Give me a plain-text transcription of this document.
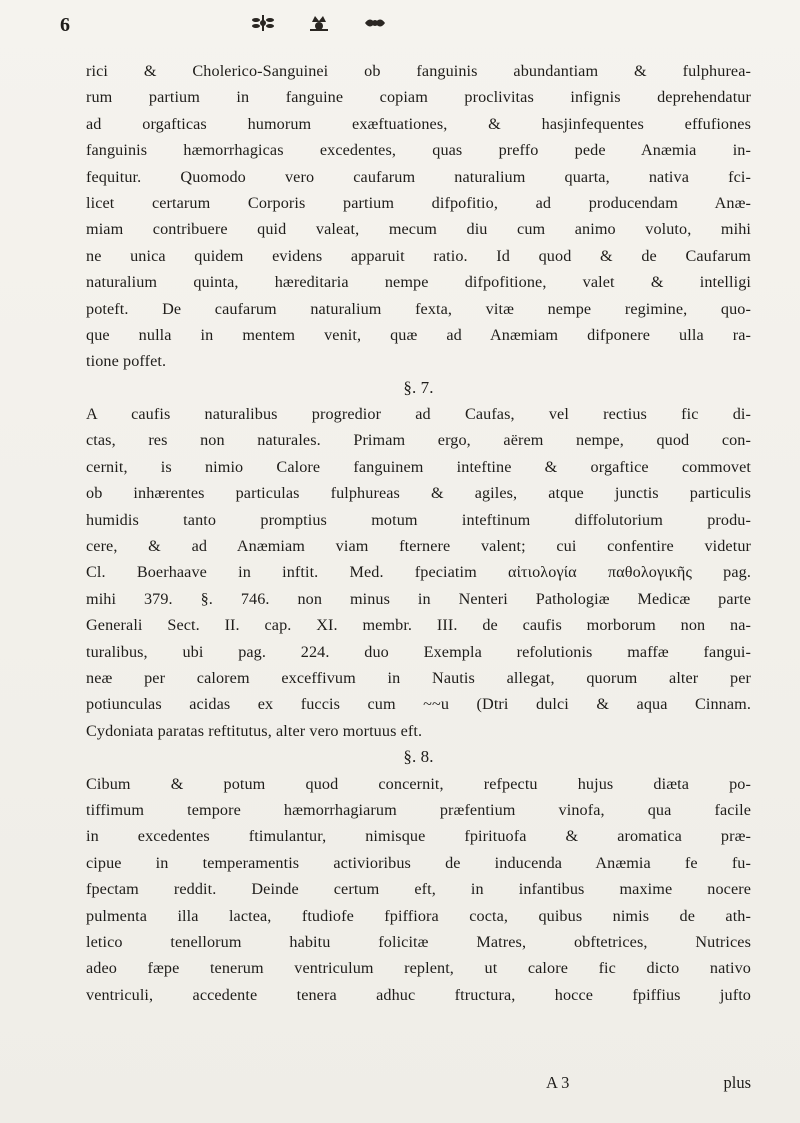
6
rici & Cholerico-Sanguinei ob fanguinis abundantiam & fulphurea-
rum partium in fanguine copiam proclivitas infignis deprehendatur
ad orgafticas humorum exæftuationes, & hasjinfequentes effufiones
fanguinis hæmorrhagicas excedentes, quas preffo pede Anæmia in-
fequitur. Quomodo vero caufarum naturalium quarta, nativa fci-
licet certarum Corporis partium difpofitio, ad producendam Anæ-
miam contribuere quid valeat, mecum diu cum animo voluto, mihi
ne unica quidem evidens apparuit ratio. Id quod & de Caufarum
naturalium quinta, hæreditaria nempe difpofitione, valet & intelligi
poteft. De caufarum naturalium fexta, vitæ nempe regimine, quo-
que nulla in mentem venit, quæ ad Anæmiam difponere ulla ra-
tione poffet.
§. 7.
A caufis naturalibus progredior ad Caufas, vel rectius fic di-
ctas, res non naturales. Primam ergo, aërem nempe, quod con-
cernit, is nimio Calore fanguinem inteftine & orgaftice commovet
ob inhærentes particulas fulphureas & agiles, atque junctis particulis
humidis tanto promptius motum inteftinum diffolutorium produ-
cere, & ad Anæmiam viam fternere valent; cui confentire videtur
Cl. Boerhaave in inftit. Med. fpeciatim αἰτιολογία παθολογικῆς pag.
mihi 379. §. 746. non minus in Nenteri Pathologiæ Medicæ parte
Generali Sect. II. cap. XI. membr. III. de caufis morborum non na-
turalibus, ubi pag. 224. duo Exempla refolutionis maffæ fangui-
neæ per calorem exceffivum in Nautis allegat, quorum alter per
potiunculas acidas ex fuccis cum ~~u (Dtri dulci & aqua Cinnam.
Cydoniata paratas reftitutus, alter vero mortuus eft.
§. 8.
Cibum & potum quod concernit, refpectu hujus diæta po-
tiffimum tempore hæmorrhagiarum præfentium vinofa, qua facile
in excedentes ftimulantur, nimisque fpirituofa & aromatica præ-
cipue in temperamentis activioribus de inducenda Anæmia fe fu-
fpectam reddit. Deinde certum eft, in infantibus maxime nocere
pulmenta illa lactea, ftudiofe fpiffiora cocta, quibus nimis de ath-
letico tenellorum habitu folicitæ Matres, obftetrices, Nutrices
adeo fæpe tenerum ventriculum replent, ut calore fic dicto nativo
ventriculi, accedente tenera adhuc ftructura, hocce fpiffius jufto
A 3	plus
